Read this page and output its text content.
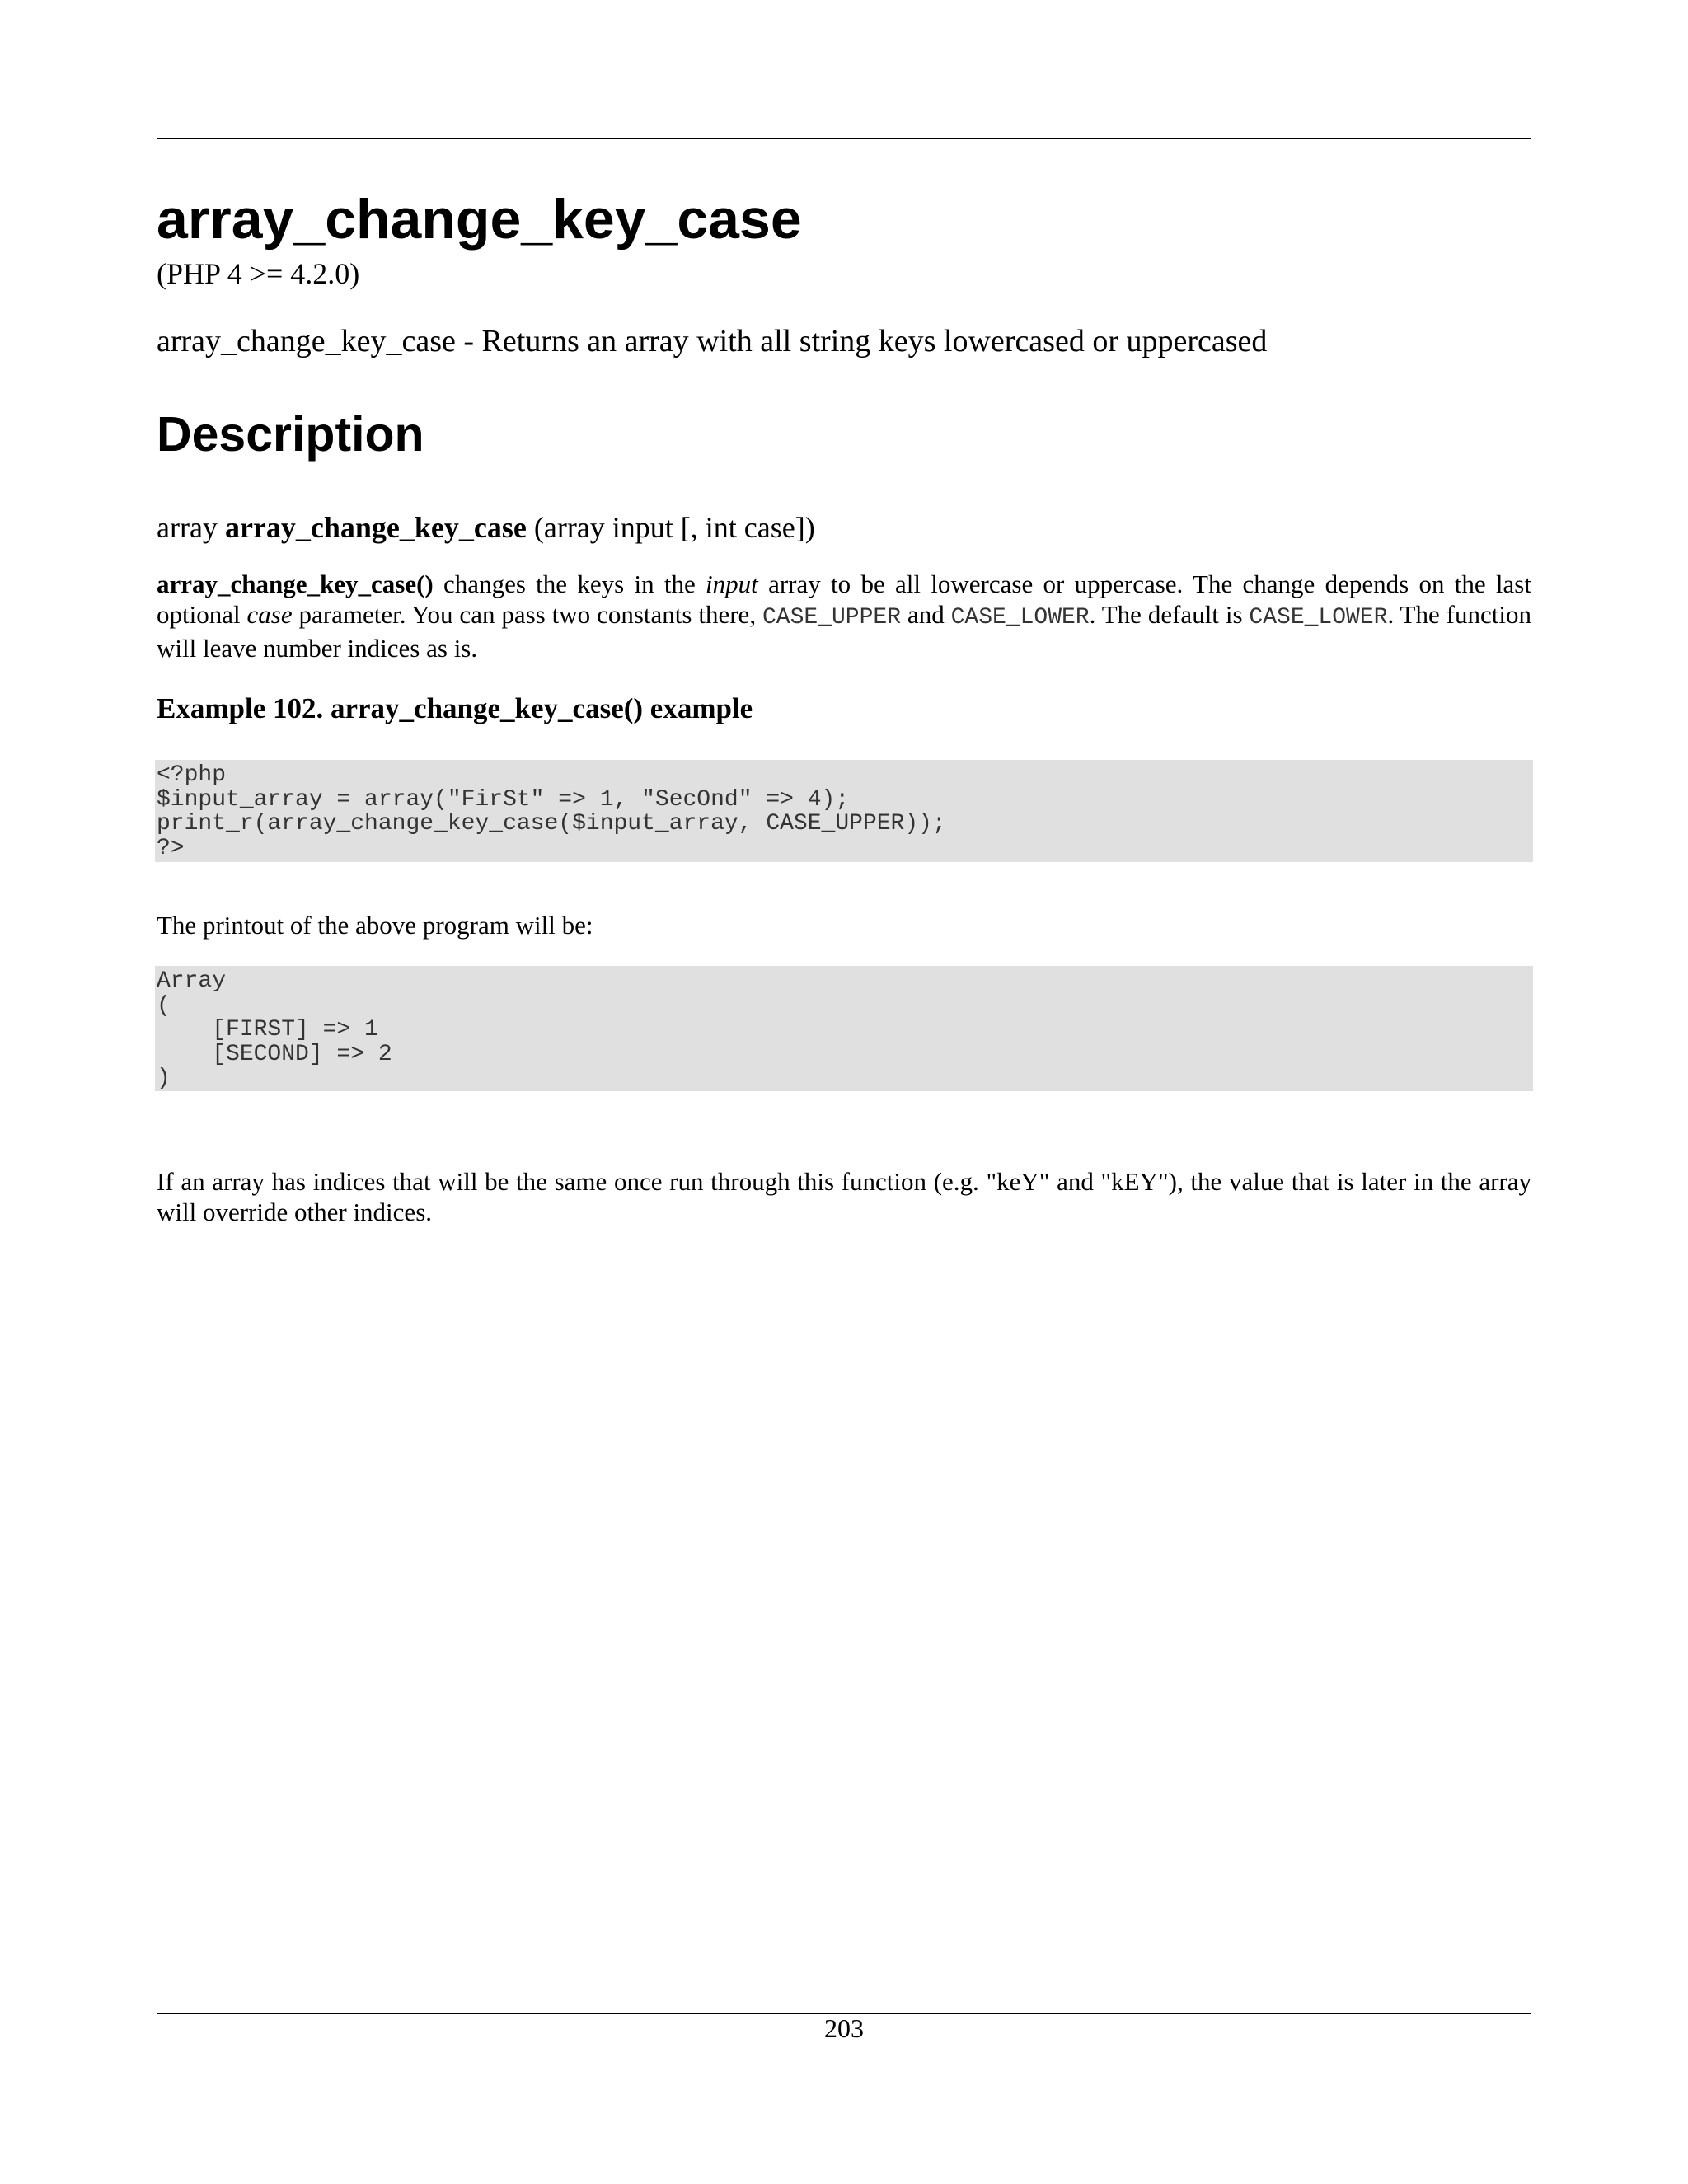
array_change_key_case
(PHP 4 >= 4.2.0)
array_change_key_case - Returns an array with all string keys lowercased or uppercased
Description
array array_change_key_case (array input [, int case])

array_change_key_case() changes the keys in the input array to be all lowercase or uppercase. The change depends on the last optional case parameter. You can pass two constants there, CASE_UPPER and CASE_LOWER. The default is CASE_LOWER. The function will leave number indices as is.

Example 102. array_change_key_case() example
<?php
$input_array = array("FirSt" => 1, "SecOnd" => 4);
print_r(array_change_key_case($input_array, CASE_UPPER));
?>
The printout of the above program will be:
Array
(
[FIRST] => 1
[SECOND] => 2
)

If an array has indices that will be the same once run through this function (e.g. "keY" and "kEY"), the value that is later in the array will override other indices.

203
